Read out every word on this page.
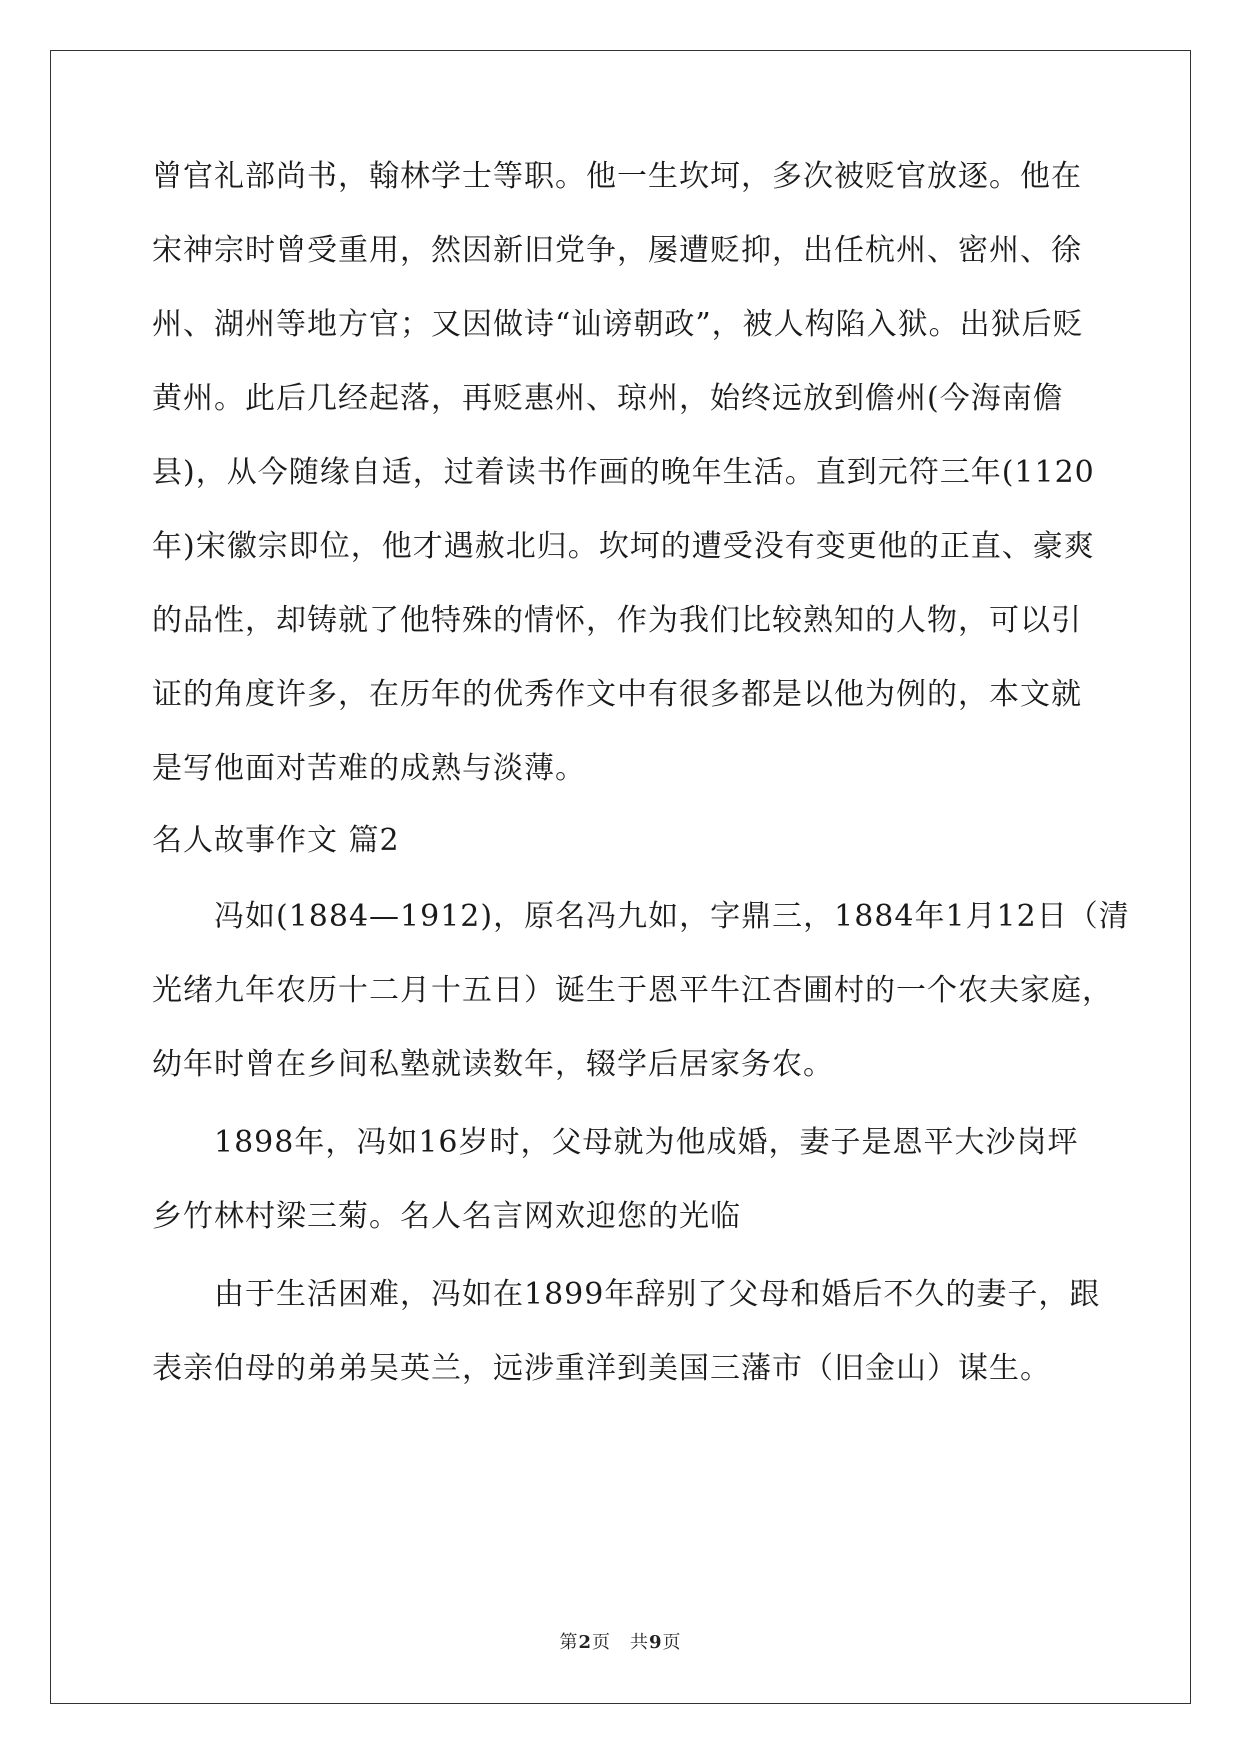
曾官礼部尚书，翰林学士等职。他一生坎坷，多次被贬官放逐。他在
宋神宗时曾受重用，然因新旧党争，屡遭贬抑，出任杭州、密州、徐
州、湖州等地方官；又因做诗“讪谤朝政”，被人构陷入狱。出狱后贬
黄州。此后几经起落，再贬惠州、琼州，始终远放到儋州(今海南儋
县)，从今随缘自适，过着读书作画的晚年生活。直到元符三年(1120
年)宋徽宗即位，他才遇赦北归。坎坷的遭受没有变更他的正直、豪爽
的品性，却铸就了他特殊的情怀，作为我们比较熟知的人物，可以引
证的角度许多，在历年的优秀作文中有很多都是以他为例的，本文就
是写他面对苦难的成熟与淡薄。
名人故事作文 篇2
冯如(1884—1912)，原名冯九如，字鼎三，1884年1月12日（清
光绪九年农历十二月十五日）诞生于恩平牛江杏圃村的一个农夫家庭，
幼年时曾在乡间私塾就读数年，辍学后居家务农。
1898年，冯如16岁时，父母就为他成婚，妻子是恩平大沙岗坪
乡竹林村梁三菊。名人名言网欢迎您的光临
由于生活困难，冯如在1899年辞别了父母和婚后不久的妻子，跟
表亲伯母的弟弟吴英兰，远涉重洋到美国三藩市（旧金山）谋生。
第2页　共9页
